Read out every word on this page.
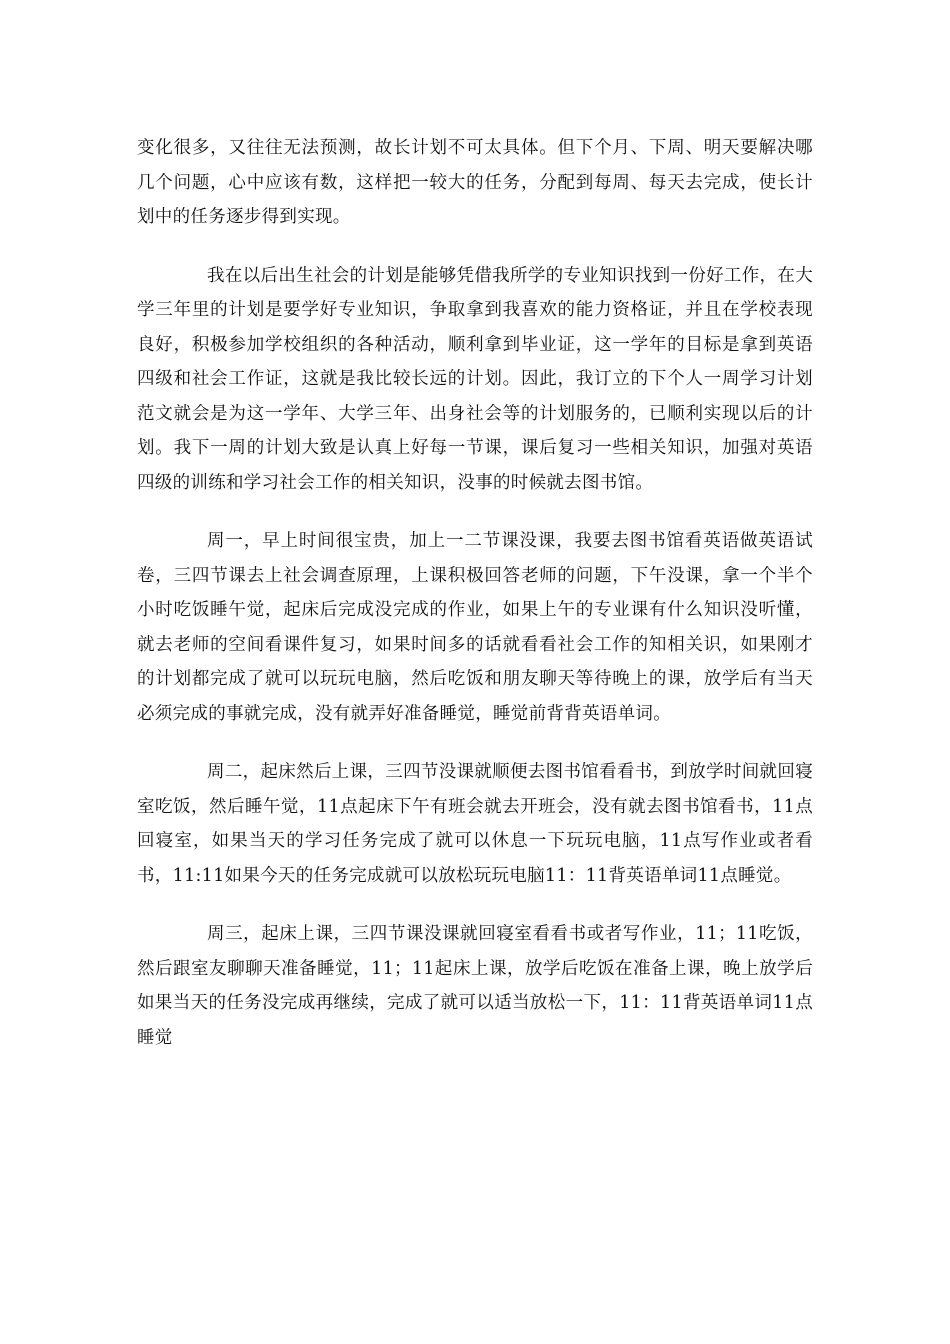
变化很多，又往往无法预测，故长计划不可太具体。但下个月、下周、明天要解决哪几个问题，心中应该有数，这样把一较大的任务，分配到每周、每天去完成，使长计划中的任务逐步得到实现。

我在以后出生社会的计划是能够凭借我所学的专业知识找到一份好工作，在大学三年里的计划是要学好专业知识，争取拿到我喜欢的能力资格证，并且在学校表现良好，积极参加学校组织的各种活动，顺利拿到毕业证，这一学年的目标是拿到英语四级和社会工作证，这就是我比较长远的计划。因此，我订立的下个人一周学习计划范文就会是为这一学年、大学三年、出身社会等的计划服务的，已顺利实现以后的计划。我下一周的计划大致是认真上好每一节课，课后复习一些相关知识，加强对英语四级的训练和学习社会工作的相关知识，没事的时候就去图书馆。

周一，早上时间很宝贵，加上一二节课没课，我要去图书馆看英语做英语试卷，三四节课去上社会调查原理，上课积极回答老师的问题，下午没课，拿一个半个小时吃饭睡午觉，起床后完成没完成的作业，如果上午的专业课有什么知识没听懂，就去老师的空间看课件复习，如果时间多的话就看看社会工作的知相关识，如果刚才的计划都完成了就可以玩玩电脑，然后吃饭和朋友聊天等待晚上的课，放学后有当天必须完成的事就完成，没有就弄好准备睡觉，睡觉前背背英语单词。

周二，起床然后上课，三四节没课就顺便去图书馆看看书，到放学时间就回寝室吃饭，然后睡午觉，11点起床下午有班会就去开班会，没有就去图书馆看书，11点回寝室，如果当天的学习任务完成了就可以休息一下玩玩电脑，11点写作业或者看书，11:11如果今天的任务完成就可以放松玩玩电脑11：11背英语单词11点睡觉。

周三，起床上课，三四节课没课就回寝室看看书或者写作业，11；11吃饭，然后跟室友聊聊天准备睡觉，11；11起床上课，放学后吃饭在准备上课，晚上放学后如果当天的任务没完成再继续，完成了就可以适当放松一下，11：11背英语单词11点睡觉
